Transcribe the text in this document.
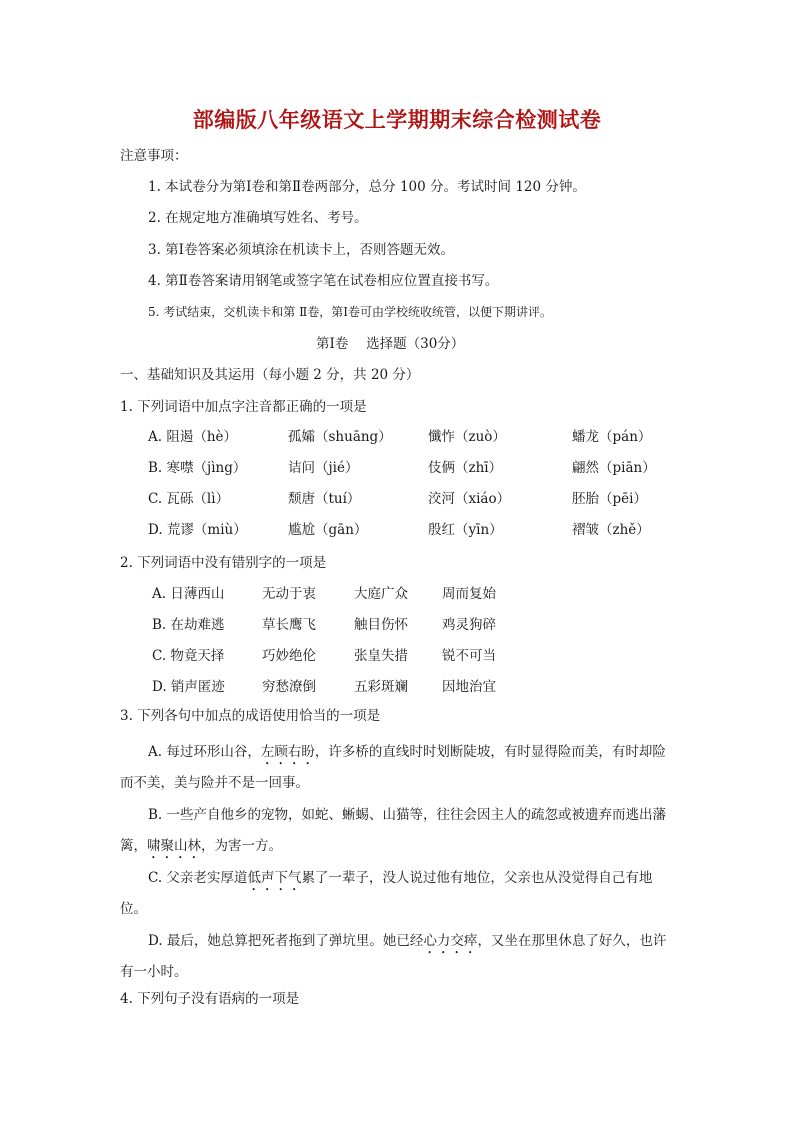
部编版八年级语文上学期期末综合检测试卷
注意事项：
1. 本试卷分为第Ⅰ卷和第Ⅱ卷两部分，总分 100 分。考试时间 120 分钟。
2. 在规定地方准确填写姓名、考号。
3. 第Ⅰ卷答案必须填涂在机读卡上，否则答题无效。
4. 第Ⅱ卷答案请用钢笔或签字笔在试卷相应位置直接书写。
5. 考试结束，交机读卡和第 Ⅱ卷，第Ⅰ卷可由学校统收统管，以便下期讲评。
第Ⅰ卷　 选择题（30分）
一、基础知识及其运用（每小题 2 分，共 20 分）
1. 下列词语中加点字注音都正确的一项是
A. 阻遏（hè）	孤孀（shuāng）	懺怍（zuò）	蟠龙（pán）
B. 寒噤（jìng）	诘问（jié）	伎俩（zhī）	翩然（piān）
C. 瓦砾（lì）	颓唐（tuí）	洨河（xiáo）	胚胎（pēi）
D. 荒谬（miù）	尴尬（gān）	殷红（yīn）	褶皱（zhě）
2. 下列词语中没有错别字的一项是
A. 日薄西山	无动于衷	大庭广众	周而复始
B. 在劫难逃	草长鹰飞	触目伤怀	鸡灵狗碎
C. 物竟天择	巧妙绝伦	张皇失措	锐不可当
D. 销声匿迹	穷愁潦倒	五彩斑斓	因地治宜
3. 下列各句中加点的成语使用恰当的一项是
A. 每过环形山谷，左顾右盼，许多桥的直线时时划断陡坡，有时显得险而美，有时却险而不美，美与险并不是一回事。
B. 一些产自他乡的宠物，如蛇、蜥蜴、山猫等，往往会因主人的疏忽或被遗弃而逃出藩篱，啸聚山林，为害一方。
C. 父亲老实厚道低声下气累了一辈子，没人说过他有地位，父亲也从没觉得自己有地位。
D. 最后，她总算把死者拖到了弹坑里。她已经心力交瘁，又坐在那里休息了好久，也许有一小时。
4. 下列句子没有语病的一项是
